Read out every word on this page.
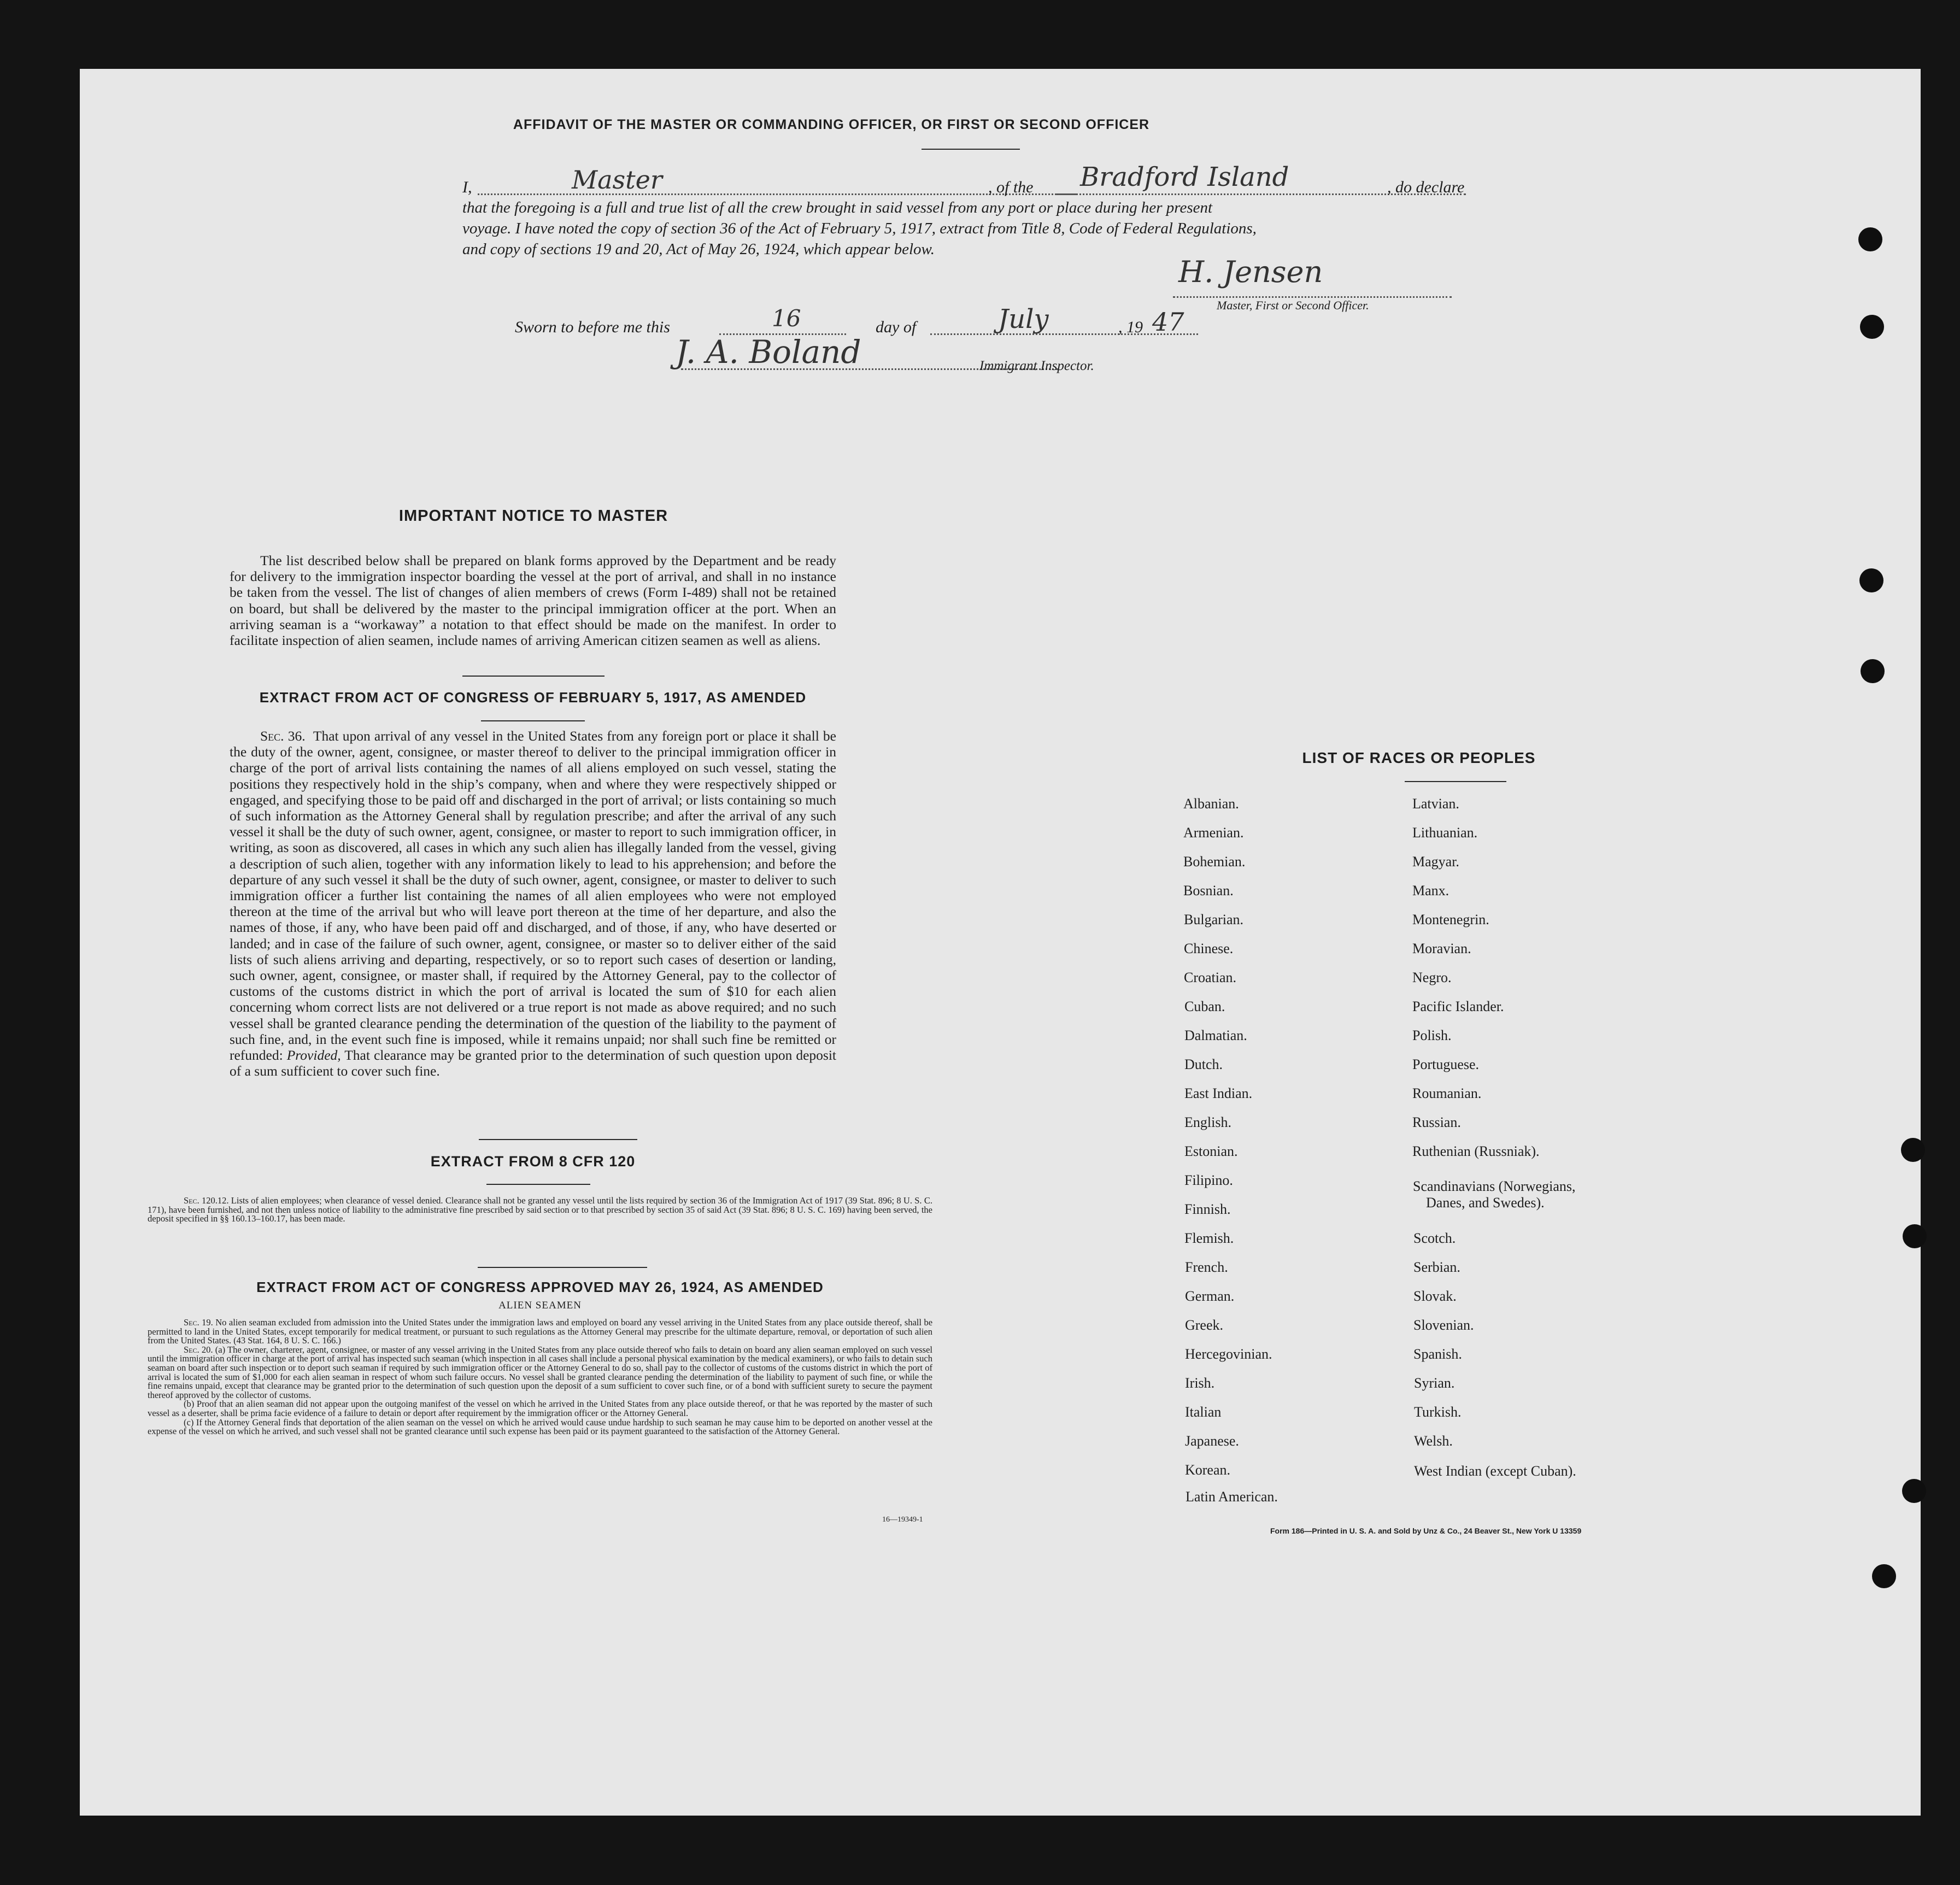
AFFIDAVIT OF THE MASTER OR COMMANDING OFFICER, OR FIRST OR SECOND OFFICER
I,	Master	, of the Bradford Island	, do declare
that the foregoing is a full and true list of all the crew brought in said vessel from any port or place during her present
voyage. I have noted the copy of section 36 of the Act of February 5, 1917, extract from Title 8, Code of Federal Regulations,
and copy of sections 19 and 20, Act of May 26, 1924, which appear below.
H. Jensen
Master, First or Second Officer.
Sworn to before me this	16	day of	July	, 19 47
J. A. Boland	Immigrant Inspector.
IMPORTANT NOTICE TO MASTER

The list described below shall be prepared on blank forms approved by the Department and be ready for delivery to the immigration inspector boarding the vessel at the port of arrival, and shall in no instance be taken from the vessel. The list of changes of alien members of crews (Form I-489) shall not be retained on board, but shall be delivered by the master to the principal immigration officer at the port. When an arriving seaman is a “workaway” a notation to that effect should be made on the manifest. In order to facilitate inspection of alien seamen, include names of arriving American citizen seamen as well as aliens.

EXTRACT FROM ACT OF CONGRESS OF FEBRUARY 5, 1917, AS AMENDED

Sec. 36. That upon arrival of any vessel in the United States from any foreign port or place it shall be the duty of the owner, agent, consignee, or master thereof to deliver to the principal immigration officer in charge of the port of arrival lists containing the names of all aliens employed on such vessel, stating the positions they respectively hold in the ship’s company, when and where they were respectively shipped or engaged, and specifying those to be paid off and discharged in the port of arrival; or lists containing so much of such information as the Attorney General shall by regulation prescribe; and after the arrival of any such vessel it shall be the duty of such owner, agent, consignee, or master to report to such immigration officer, in writing, as soon as discovered, all cases in which any such alien has illegally landed from the vessel, giving a description of such alien, together with any information likely to lead to his apprehension; and before the departure of any such vessel it shall be the duty of such owner, agent, consignee, or master to deliver to such immigration officer a further list containing the names of all alien employees who were not employed thereon at the time of the arrival but who will leave port thereon at the time of her departure, and also the names of those, if any, who have been paid off and discharged, and of those, if any, who have deserted or landed; and in case of the failure of such owner, agent, consignee, or master so to deliver either of the said lists of such aliens arriving and departing, respectively, or so to report such cases of desertion or landing, such owner, agent, consignee, or master shall, if required by the Attorney General, pay to the collector of customs of the customs district in which the port of arrival is located the sum of $10 for each alien concerning whom correct lists are not delivered or a true report is not made as above required; and no such vessel shall be granted clearance pending the determination of the question of the liability to the payment of such fine, and, in the event such fine is imposed, while it remains unpaid; nor shall such fine be remitted or refunded: Provided, That clearance may be granted prior to the determination of such question upon deposit of a sum sufficient to cover such fine.

EXTRACT FROM 8 CFR 120

Sec. 120.12. Lists of alien employees; when clearance of vessel denied. Clearance shall not be granted any vessel until the lists required by section 36 of the Immigration Act of 1917 (39 Stat. 896; 8 U. S. C. 171), have been furnished, and not then unless notice of liability to the administrative fine prescribed by said section or to that prescribed by section 35 of said Act (39 Stat. 896; 8 U. S. C. 169) having been served, the deposit specified in §§ 160.13–160.17, has been made.

EXTRACT FROM ACT OF CONGRESS APPROVED MAY 26, 1924, AS AMENDED
ALIEN SEAMEN

Sec. 19. No alien seaman excluded from admission into the United States under the immigration laws and employed on board any vessel arriving in the United States from any place outside thereof, shall be permitted to land in the United States, except temporarily for medical treatment, or pursuant to such regulations as the Attorney General may prescribe for the ultimate departure, removal, or deportation of such alien from the United States. (43 Stat. 164, 8 U. S. C. 166.)

Sec. 20. (a) The owner, charterer, agent, consignee, or master of any vessel arriving in the United States from any place outside thereof who fails to detain on board any alien seaman employed on such vessel until the immigration officer in charge at the port of arrival has inspected such seaman (which inspection in all cases shall include a personal physical examination by the medical examiners), or who fails to detain such seaman on board after such inspection or to deport such seaman if required by such immigration officer or the Attorney General to do so, shall pay to the collector of customs of the customs district in which the port of arrival is located the sum of $1,000 for each alien seaman in respect of whom such failure occurs. No vessel shall be granted clearance pending the determination of the liability to payment of such fine, or while the fine remains unpaid, except that clearance may be granted prior to the determination of such question upon the deposit of a sum sufficient to cover such fine, or of a bond with sufficient surety to secure the payment thereof approved by the collector of customs.

(b) Proof that an alien seaman did not appear upon the outgoing manifest of the vessel on which he arrived in the United States from any place outside thereof, or that he was reported by the master of such vessel as a deserter, shall be prima facie evidence of a failure to detain or deport after requirement by the immigration officer or the Attorney General.

(c) If the Attorney General finds that deportation of the alien seaman on the vessel on which he arrived would cause undue hardship to such seaman he may cause him to be deported on another vessel at the expense of the vessel on which he arrived, and such vessel shall not be granted clearance until such expense has been paid or its payment guaranteed to the satisfaction of the Attorney General.

16—19349-1
LIST OF RACES OR PEOPLES
Albanian.
Armenian.
Bohemian.
Bosnian.
Bulgarian.
Chinese.
Croatian.
Cuban.
Dalmatian.
Dutch.
East Indian.
English.
Estonian.
Filipino.
Finnish.
Flemish.
French.
German.
Greek.
Hercegovinian.
Irish.
Italian
Japanese.
Korean.
Latin American.
Latvian.
Lithuanian.
Magyar.
Manx.
Montenegrin.
Moravian.
Negro.
Pacific Islander.
Polish.
Portuguese.
Roumanian.
Russian.
Ruthenian (Russniak).
Scandinavians (Norwegians,
Danes, and Swedes).
Scotch.
Serbian.
Slovak.
Slovenian.
Spanish.
Syrian.
Turkish.
Welsh.
West Indian (except Cuban).
Form 186—Printed in U. S. A. and Sold by Unz & Co., 24 Beaver St., New York U 13359
